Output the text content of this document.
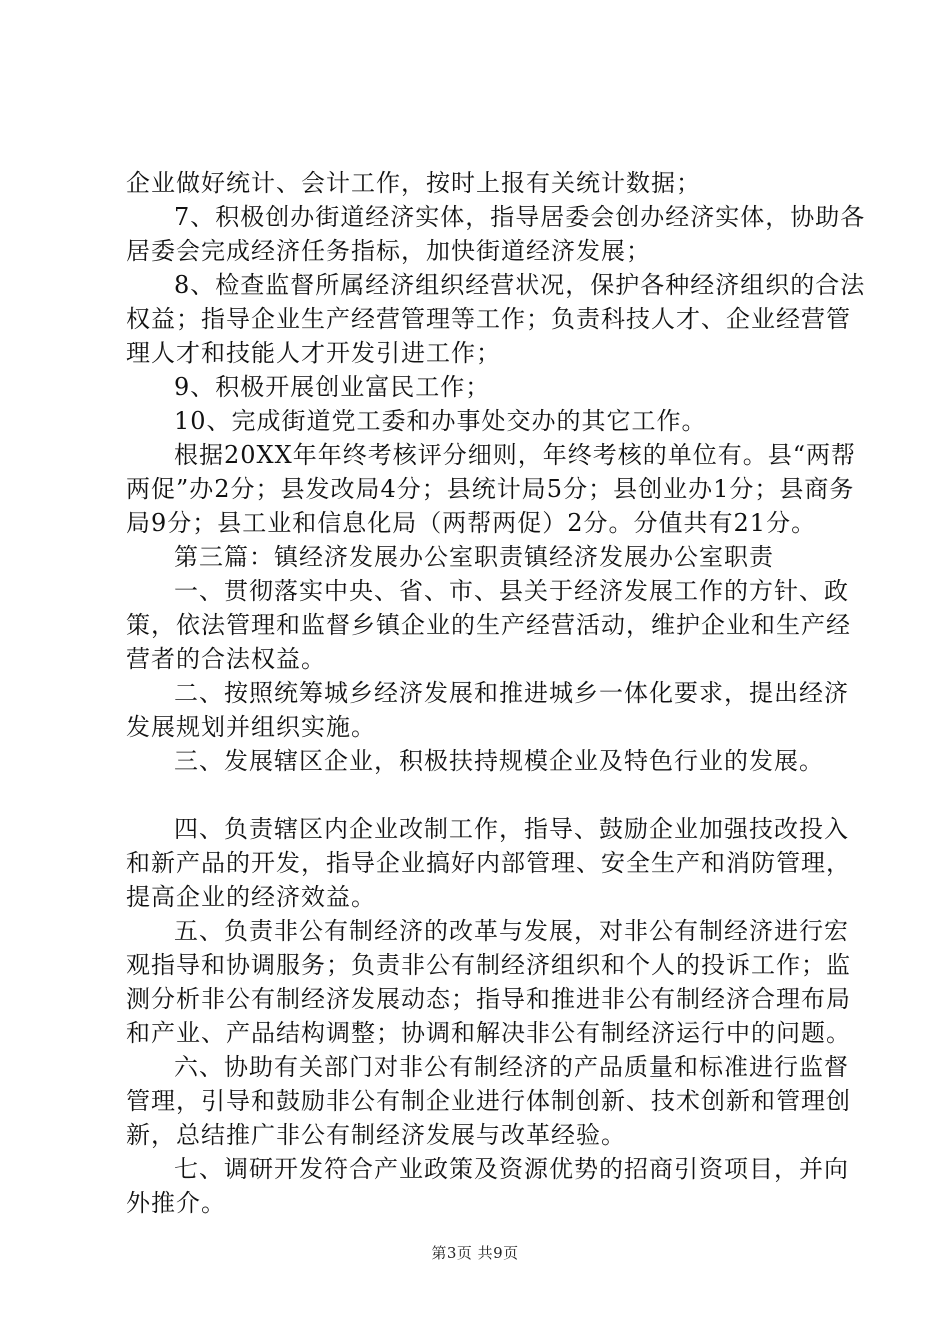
企业做好统计、会计工作，按时上报有关统计数据；

7、积极创办街道经济实体，指导居委会创办经济实体，协助各居委会完成经济任务指标，加快街道经济发展；

8、检查监督所属经济组织经营状况，保护各种经济组织的合法权益；指导企业生产经营管理等工作；负责科技人才、企业经营管理人才和技能人才开发引进工作；

9、积极开展创业富民工作；

10、完成街道党工委和办事处交办的其它工作。

根据20XX年年终考核评分细则，年终考核的单位有。县“两帮两促”办2分；县发改局4分；县统计局5分；县创业办1分；县商务局9分；县工业和信息化局（两帮两促）2分。分值共有21分。

第三篇：镇经济发展办公室职责镇经济发展办公室职责

一、贯彻落实中央、省、市、县关于经济发展工作的方针、政策，依法管理和监督乡镇企业的生产经营活动，维护企业和生产经营者的合法权益。

二、按照统筹城乡经济发展和推进城乡一体化要求，提出经济发展规划并组织实施。

三、发展辖区企业，积极扶持规模企业及特色行业的发展。

四、负责辖区内企业改制工作，指导、鼓励企业加强技改投入和新产品的开发，指导企业搞好内部管理、安全生产和消防管理，提高企业的经济效益。

五、负责非公有制经济的改革与发展，对非公有制经济进行宏观指导和协调服务；负责非公有制经济组织和个人的投诉工作；监测分析非公有制经济发展动态；指导和推进非公有制经济合理布局和产业、产品结构调整；协调和解决非公有制经济运行中的问题。

六、协助有关部门对非公有制经济的产品质量和标准进行监督管理，引导和鼓励非公有制企业进行体制创新、技术创新和管理创新，总结推广非公有制经济发展与改革经验。

七、调研开发符合产业政策及资源优势的招商引资项目，并向外推介。

第3页 共9页
